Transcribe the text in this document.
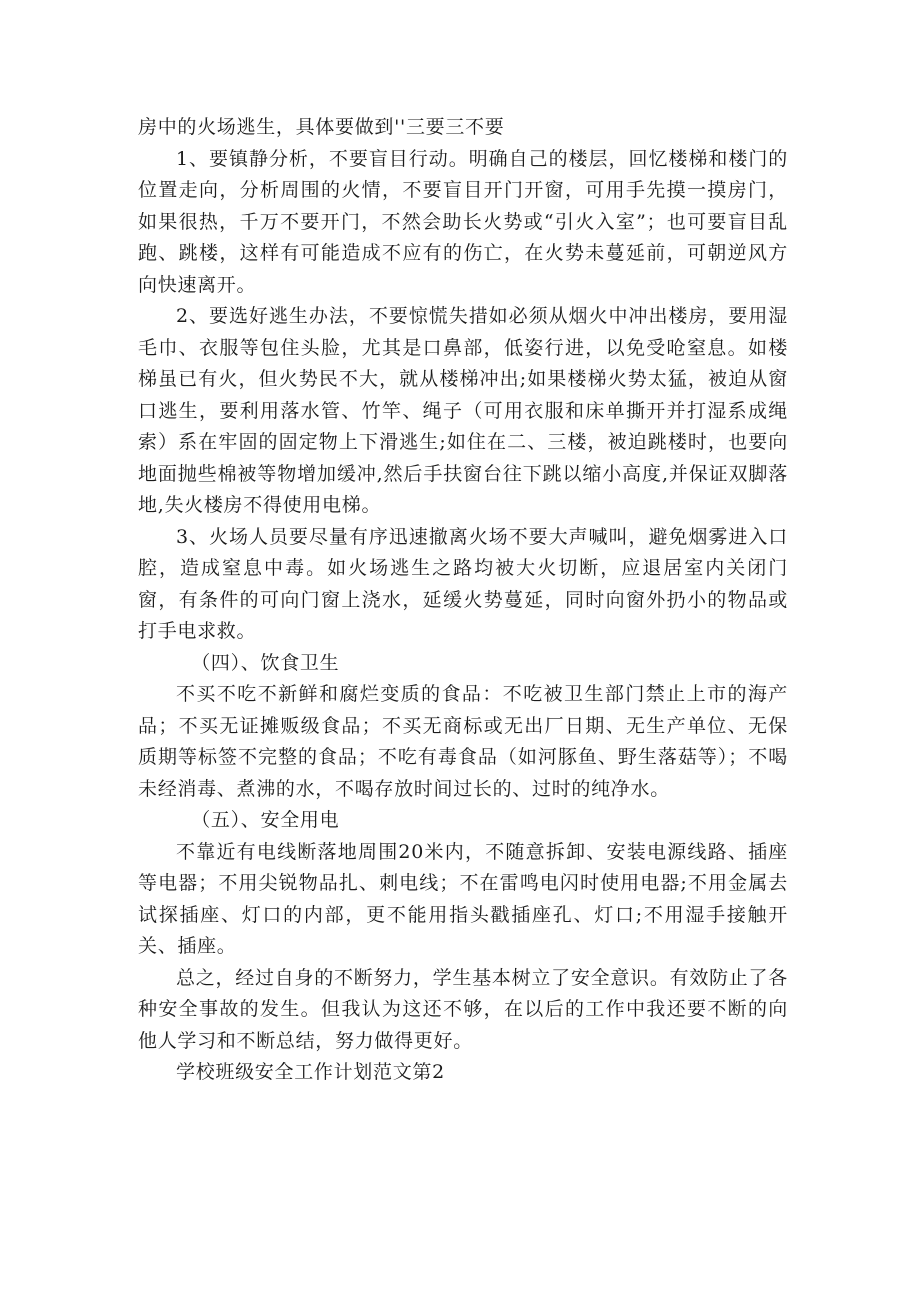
房中的火场逃生，具体要做到''三要三不要

1、要镇静分析，不要盲目行动。明确自己的楼层，回忆楼梯和楼门的位置走向，分析周围的火情，不要盲目开门开窗，可用手先摸一摸房门，如果很热，千万不要开门，不然会助长火势或“引火入室”；也可要盲目乱跑、跳楼，这样有可能造成不应有的伤亡，在火势未蔓延前，可朝逆风方向快速离开。

2、要选好逃生办法，不要惊慌失措如必须从烟火中冲出楼房，要用湿毛巾、衣服等包住头脸，尤其是口鼻部，低姿行进，以免受呛窒息。如楼梯虽已有火，但火势民不大，就从楼梯冲出;如果楼梯火势太猛，被迫从窗口逃生，要利用落水管、竹竿、绳子（可用衣服和床单撕开并打湿系成绳索）系在牢固的固定物上下滑逃生;如住在二、三楼，被迫跳楼时，也要向地面抛些棉被等物增加缓冲,然后手扶窗台往下跳以缩小高度,并保证双脚落地,失火楼房不得使用电梯。

3、火场人员要尽量有序迅速撤离火场不要大声喊叫，避免烟雾进入口腔，造成窒息中毒。如火场逃生之路均被大火切断，应退居室内关闭门窗，有条件的可向门窗上浇水，延缓火势蔓延，同时向窗外扔小的物品或打手电求救。

（四）、饮食卫生

不买不吃不新鲜和腐烂变质的食品：不吃被卫生部门禁止上市的海产品；不买无证摊贩级食品；不买无商标或无出厂日期、无生产单位、无保质期等标签不完整的食品；不吃有毒食品（如河豚鱼、野生落菇等）；不喝未经消毒、煮沸的水，不喝存放时间过长的、过时的纯净水。

（五）、安全用电

不靠近有电线断落地周围20米内，不随意拆卸、安装电源线路、插座等电器；不用尖锐物品扎、刺电线；不在雷鸣电闪时使用电器;不用金属去试探插座、灯口的内部，更不能用指头戳插座孔、灯口;不用湿手接触开关、插座。

总之，经过自身的不断努力，学生基本树立了安全意识。有效防止了各种安全事故的发生。但我认为这还不够，在以后的工作中我还要不断的向他人学习和不断总结，努力做得更好。

学校班级安全工作计划范文第2
